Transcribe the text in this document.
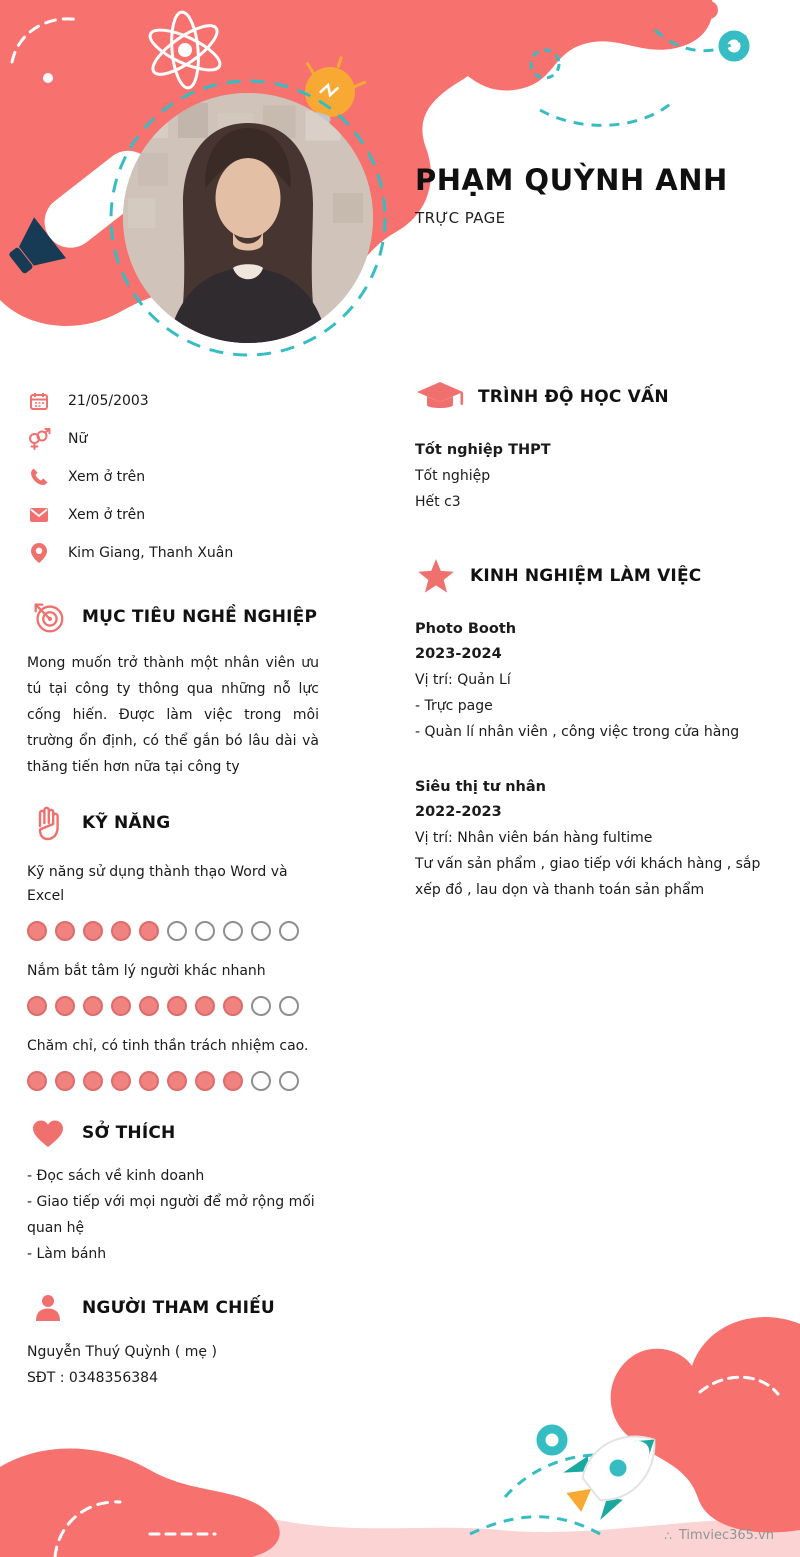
PHẠM QUỲNH ANH
TRỰC PAGE
21/05/2003
Nữ
Xem ở trên
Xem ở trên
Kim Giang, Thanh Xuân
MỤC TIÊU NGHỀ NGHIỆP

Mong muốn trở thành một nhân viên ưu tú tại công ty thông qua những nỗ lực cống hiến. Được làm việc trong môi trường ổn định, có thể gắn bó lâu dài và thăng tiến hơn nữa tại công ty

KỸ NĂNG
Kỹ năng sử dụng thành thạo Word và Excel
Nắm bắt tâm lý người khác nhanh
Chăm chỉ, có tinh thần trách nhiệm cao.
SỞ THÍCH
- Đọc sách về kinh doanh
- Giao tiếp với mọi người để mở rộng mối quan hệ
- Làm bánh
NGƯỜI THAM CHIẾU
Nguyễn Thuý Quỳnh ( mẹ )
SĐT : 0348356384
TRÌNH ĐỘ HỌC VẤN
Tốt nghiệp THPT
Tốt nghiệp
Hết c3
KINH NGHIỆM LÀM VIỆC
Photo Booth
2023-2024
Vị trí: Quản Lí
- Trực page
- Quàn lí nhân viên , công việc trong cửa hàng
Siêu thị tư nhân
2022-2023
Vị trí: Nhân viên bán hàng fultime
Tư vấn sản phẩm , giao tiếp với khách hàng , sắp xếp đồ , lau dọn và thanh toán sản phẩm
∴ Timviec365.vn
